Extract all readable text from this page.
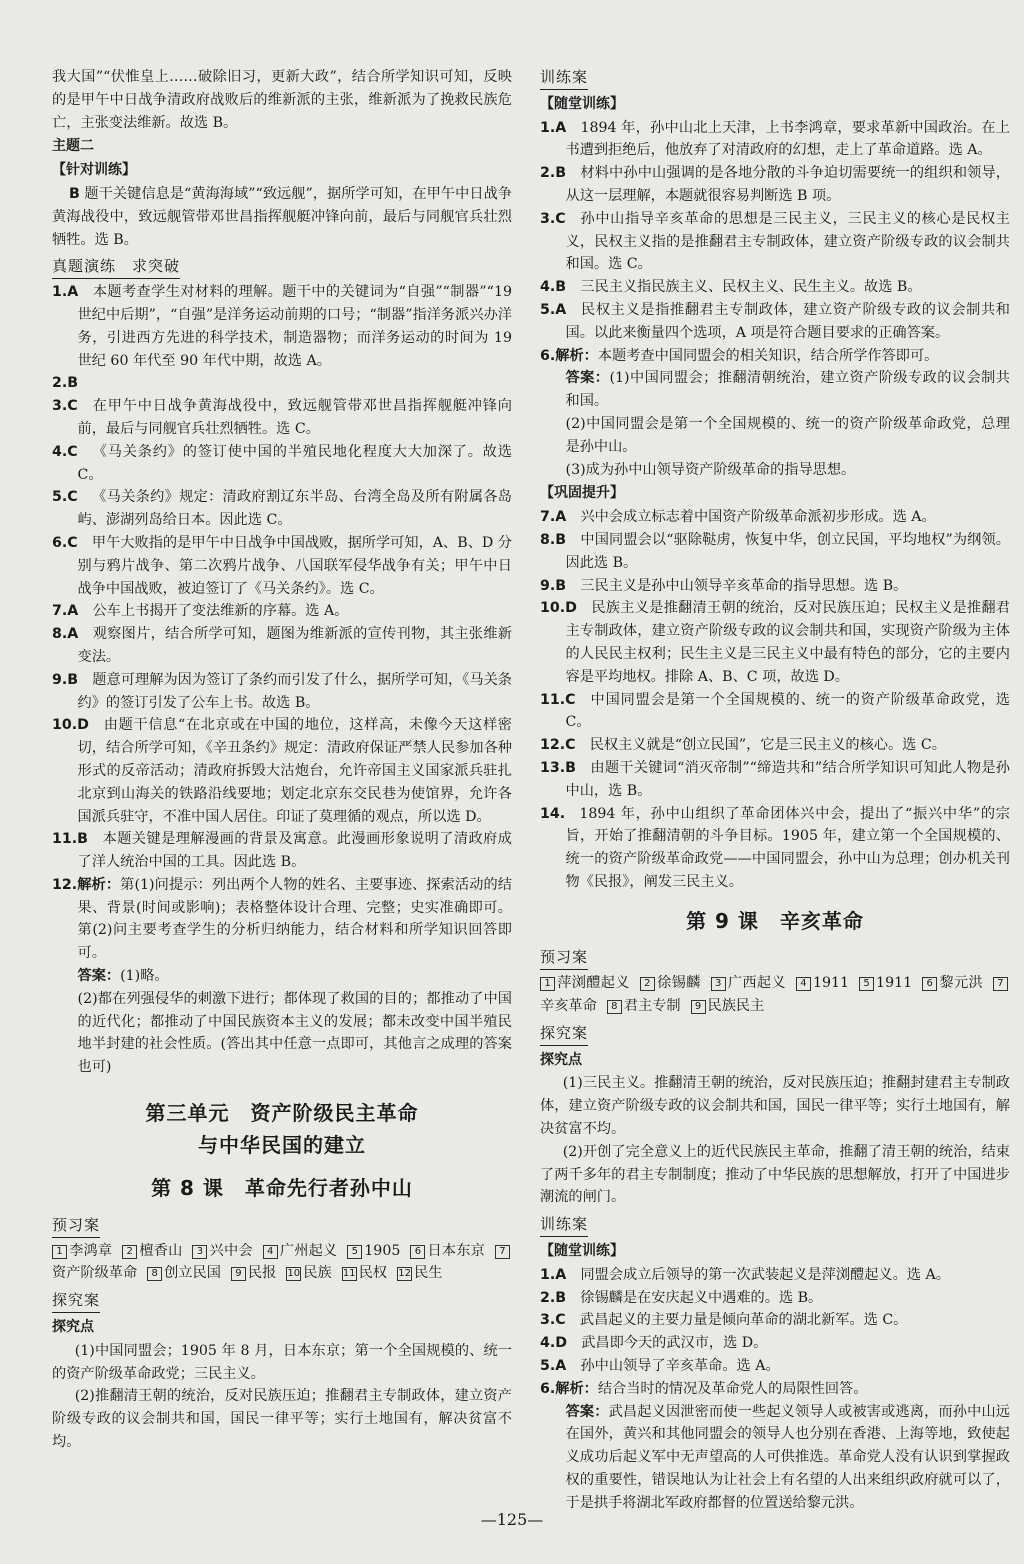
我大国”“伏惟皇上……破除旧习，更新大政”，结合所学知识可知，反映的是甲午中日战争清政府战败后的维新派的主张，维新派为了挽救民族危亡，主张变法维新。故选 B。

主题二
【针对训练】

B 题干关键信息是“黄海海域”“致远舰”，据所学可知，在甲午中日战争黄海战役中，致远舰管带邓世昌指挥舰艇冲锋向前，最后与同舰官兵壮烈牺牲。选 B。

真题演练　求突破

1.A  本题考查学生对材料的理解。题干中的关键词为“自强”“制器”“19 世纪中后期”，“自强”是洋务运动前期的口号；“制器”指洋务派兴办洋务，引进西方先进的科学技术，制造器物；而洋务运动的时间为 19 世纪 60 年代至 90 年代中期，故选 A。

2.B 

3.C  在甲午中日战争黄海战役中，致远舰管带邓世昌指挥舰艇冲锋向前，最后与同舰官兵壮烈牺牲。选 C。

4.C  《马关条约》的签订使中国的半殖民地化程度大大加深了。故选 C。

5.C  《马关条约》规定：清政府割辽东半岛、台湾全岛及所有附属各岛屿、澎湖列岛给日本。因此选 C。

6.C  甲午大败指的是甲午中日战争中国战败，据所学可知，A、B、D 分别与鸦片战争、第二次鸦片战争、八国联军侵华战争有关；甲午中日战争中国战败，被迫签订了《马关条约》。选 C。

7.A  公车上书揭开了变法维新的序幕。选 A。

8.A  观察图片，结合所学可知，题图为维新派的宣传刊物，其主张维新变法。

9.B  题意可理解为因为签订了条约而引发了什么，据所学可知，《马关条约》的签订引发了公车上书。故选 B。

10.D  由题干信息“在北京或在中国的地位，这样高，未像今天这样密切，结合所学可知，《辛丑条约》规定：清政府保证严禁人民参加各种形式的反帝活动；清政府拆毁大沽炮台，允许帝国主义国家派兵驻扎北京到山海关的铁路沿线要地；划定北京东交民巷为使馆界，允许各国派兵驻守，不准中国人居住。印证了莫理循的观点，所以选 D。

11.B  本题关键是理解漫画的背景及寓意。此漫画形象说明了清政府成了洋人统治中国的工具。因此选 B。

12.解析：第(1)问提示：列出两个人物的姓名、主要事迹、探索活动的结果、背景(时间或影响)；表格整体设计合理、完整；史实准确即可。第(2)问主要考查学生的分析归纳能力，结合材料和所学知识回答即可。

答案：(1)略。

(2)都在列强侵华的刺激下进行；都体现了救国的目的；都推动了中国的近代化；都推动了中国民族资本主义的发展；都未改变中国半殖民地半封建的社会性质。(答出其中任意一点即可，其他言之成理的答案也可)

第三单元　资产阶级民主革命
与中华民国的建立
第 8 课　革命先行者孙中山
预习案
1 李鸿章 2 檀香山 3 兴中会 4 广州起义 5 1905 6 日本东京 7资产阶级革命 8 创立民国 9 民报 10 民族 11 民权 12 民生
探究案
探究点

(1)中国同盟会；1905 年 8 月，日本东京；第一个全国规模的、统一的资产阶级革命政党；三民主义。

(2)推翻清王朝的统治，反对民族压迫；推翻君主专制政体，建立资产阶级专政的议会制共和国，国民一律平等；实行土地国有，解决贫富不均。

训练案
【随堂训练】

1.A  1894 年，孙中山北上天津，上书李鸿章，要求革新中国政治。在上书遭到拒绝后，他放弃了对清政府的幻想，走上了革命道路。选 A。

2.B  材料中孙中山强调的是各地分散的斗争迫切需要统一的组织和领导，从这一层理解，本题就很容易判断选 B 项。

3.C  孙中山指导辛亥革命的思想是三民主义，三民主义的核心是民权主义，民权主义指的是推翻君主专制政体，建立资产阶级专政的议会制共和国。选 C。

4.B  三民主义指民族主义、民权主义、民生主义。故选 B。

5.A  民权主义是指推翻君主专制政体，建立资产阶级专政的议会制共和国。以此来衡量四个选项，A 项是符合题目要求的正确答案。

6.解析：本题考查中国同盟会的相关知识，结合所学作答即可。

答案：(1)中国同盟会；推翻清朝统治，建立资产阶级专政的议会制共和国。

(2)中国同盟会是第一个全国规模的、统一的资产阶级革命政党，总理是孙中山。

(3)成为孙中山领导资产阶级革命的指导思想。

【巩固提升】

7.A  兴中会成立标志着中国资产阶级革命派初步形成。选 A。

8.B  中国同盟会以“驱除鞑虏，恢复中华，创立民国，平均地权”为纲领。因此选 B。

9.B  三民主义是孙中山领导辛亥革命的指导思想。选 B。

10.D  民族主义是推翻清王朝的统治，反对民族压迫；民权主义是推翻君主专制政体，建立资产阶级专政的议会制共和国，实现资产阶级为主体的人民民主权利；民生主义是三民主义中最有特色的部分，它的主要内容是平均地权。排除 A、B、C 项，故选 D。

11.C  中国同盟会是第一个全国规模的、统一的资产阶级革命政党，选 C。

12.C  民权主义就是“创立民国”，它是三民主义的核心。选 C。

13.B  由题干关键词“消灭帝制”“缔造共和”结合所学知识可知此人物是孙中山，选 B。

14.  1894 年，孙中山组织了革命团体兴中会，提出了“振兴中华”的宗旨，开始了推翻清朝的斗争目标。1905 年，建立第一个全国规模的、统一的资产阶级革命政党——中国同盟会，孙中山为总理；创办机关刊物《民报》，阐发三民主义。

第 9 课　辛亥革命
预习案
1 萍浏醴起义 2 徐锡麟 3 广西起义 4 1911 5 1911 6 黎元洪 7辛亥革命 8 君主专制 9 民族民主
探究案
探究点

(1)三民主义。推翻清王朝的统治，反对民族压迫；推翻封建君主专制政体，建立资产阶级专政的议会制共和国，国民一律平等；实行土地国有，解决贫富不均。

(2)开创了完全意义上的近代民族民主革命，推翻了清王朝的统治，结束了两千多年的君主专制制度；推动了中华民族的思想解放，打开了中国进步潮流的闸门。

训练案
【随堂训练】

1.A  同盟会成立后领导的第一次武装起义是萍浏醴起义。选 A。

2.B  徐锡麟是在安庆起义中遇难的。选 B。

3.C  武昌起义的主要力量是倾向革命的湖北新军。选 C。

4.D  武昌即今天的武汉市，选 D。

5.A  孙中山领导了辛亥革命。选 A。

6.解析：结合当时的情况及革命党人的局限性回答。

答案：武昌起义因泄密而使一些起义领导人或被害或逃离，而孙中山远在国外，黄兴和其他同盟会的领导人也分别在香港、上海等地，致使起义成功后起义军中无声望高的人可供推选。革命党人没有认识到掌握政权的重要性，错误地认为让社会上有名望的人出来组织政府就可以了，于是拱手将湖北军政府都督的位置送给黎元洪。

—125—
